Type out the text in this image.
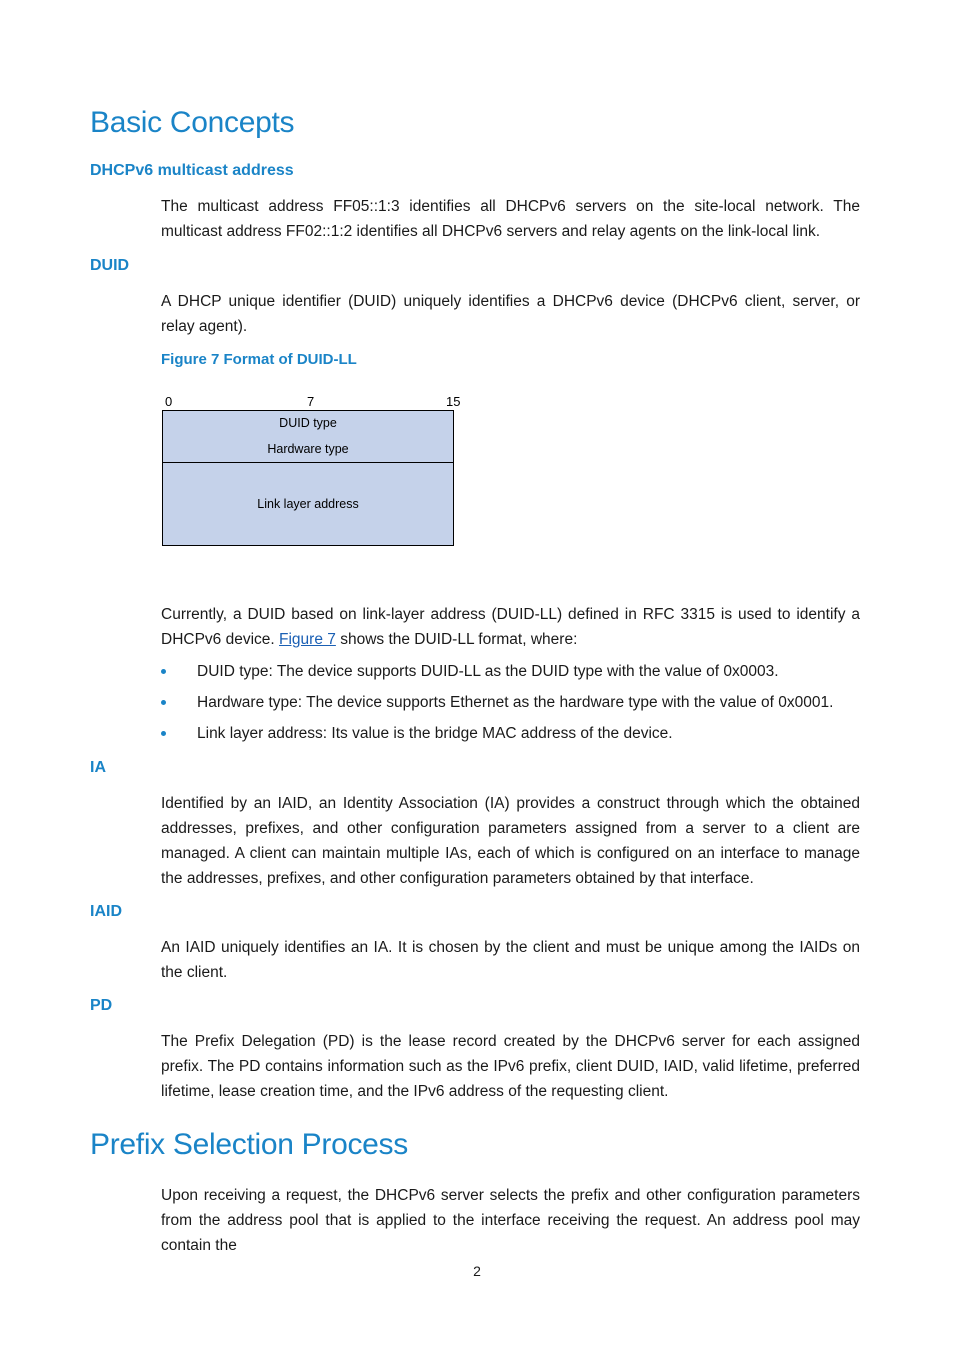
Basic Concepts
DHCPv6 multicast address

The multicast address FF05::1:3 identifies all DHCPv6 servers on the site-local network. The multicast address FF02::1:2 identifies all DHCPv6 servers and relay agents on the link-local link.

DUID

A DHCP unique identifier (DUID) uniquely identifies a DHCPv6 device (DHCPv6 client, server, or relay agent).

Figure 7 Format of DUID-LL
0	7	15
DUID type
Hardware type
Link layer address

Currently, a DUID based on link-layer address (DUID-LL) defined in RFC 3315 is used to identify a DHCPv6 device. Figure 7 shows the DUID-LL format, where:

DUID type: The device supports DUID-LL as the DUID type with the value of 0x0003.
Hardware type: The device supports Ethernet as the hardware type with the value of 0x0001.
Link layer address: Its value is the bridge MAC address of the device.
IA

Identified by an IAID, an Identity Association (IA) provides a construct through which the obtained addresses, prefixes, and other configuration parameters assigned from a server to a client are managed. A client can maintain multiple IAs, each of which is configured on an interface to manage the addresses, prefixes, and other configuration parameters obtained by that interface.

IAID

An IAID uniquely identifies an IA. It is chosen by the client and must be unique among the IAIDs on the client.

PD

The Prefix Delegation (PD) is the lease record created by the DHCPv6 server for each assigned prefix. The PD contains information such as the IPv6 prefix, client DUID, IAID, valid lifetime, preferred lifetime, lease creation time, and the IPv6 address of the requesting client.

Prefix Selection Process

Upon receiving a request, the DHCPv6 server selects the prefix and other configuration parameters from the address pool that is applied to the interface receiving the request. An address pool may contain the

2
